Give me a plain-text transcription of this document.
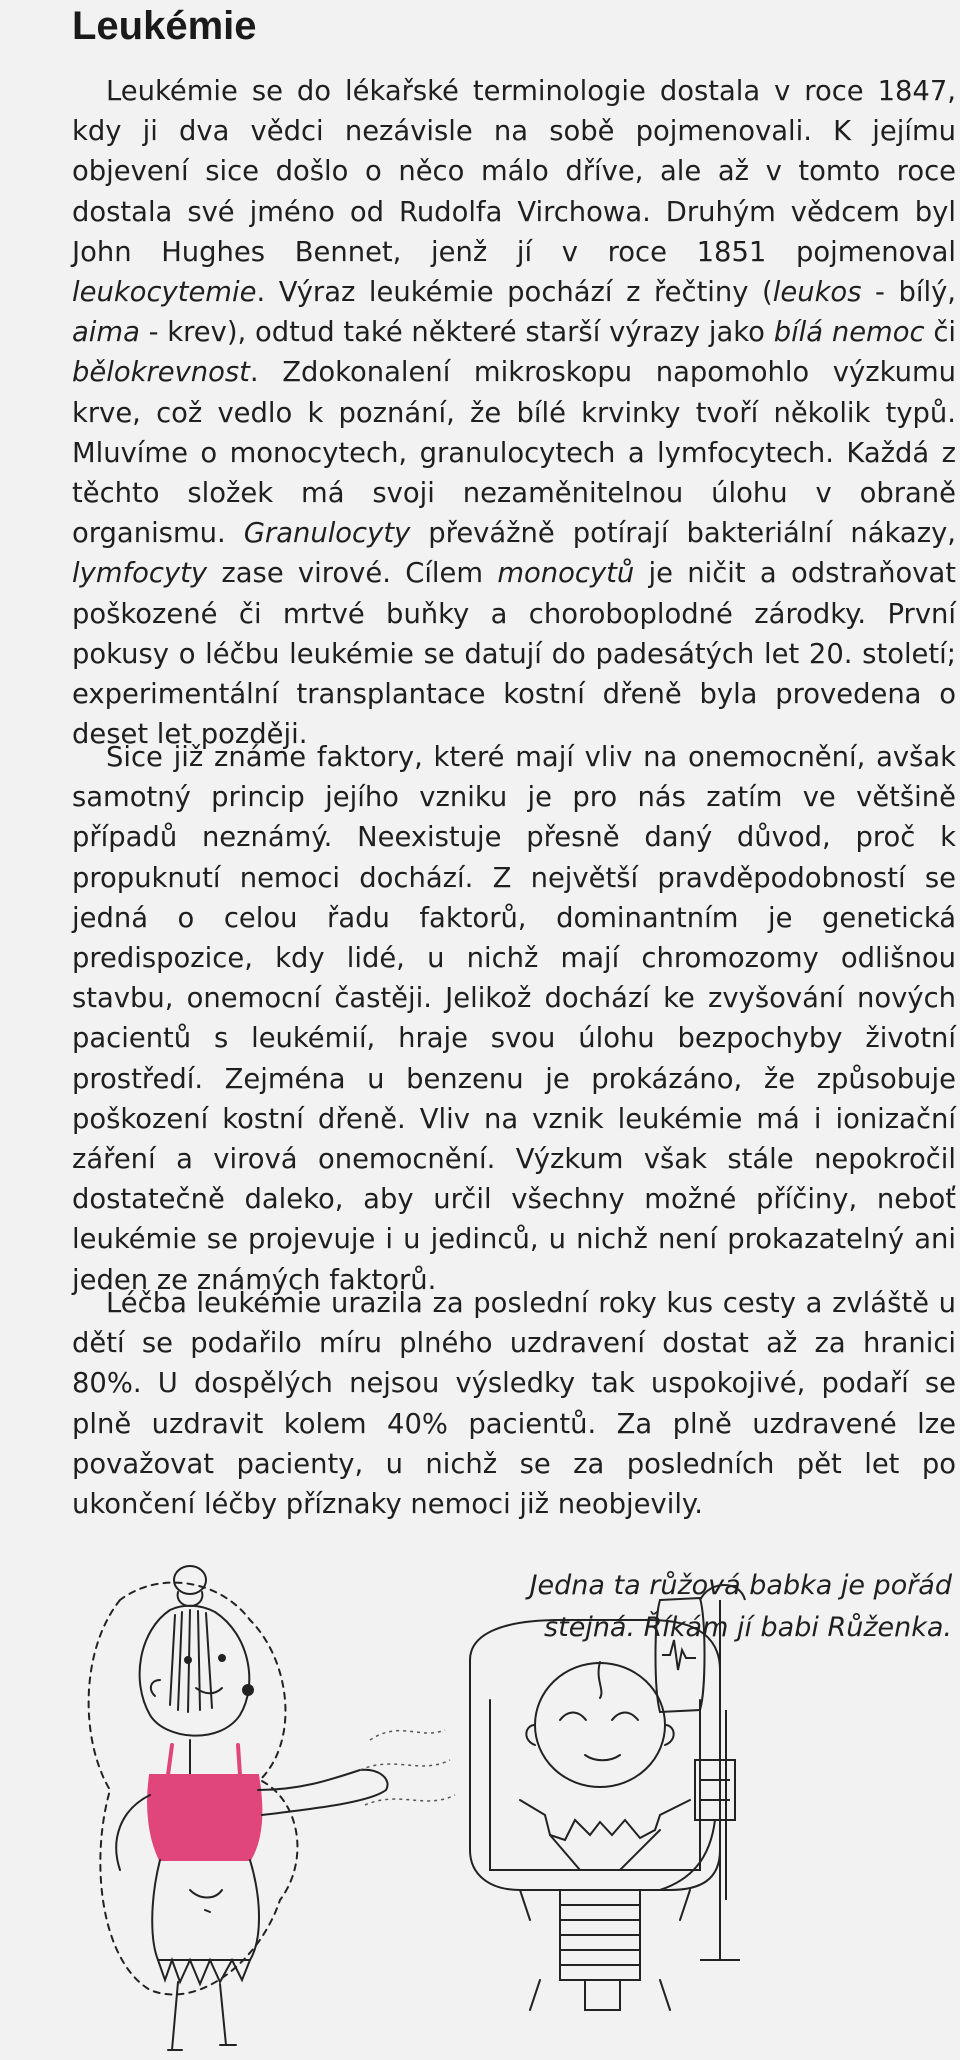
Leukémie

Leukémie se do lékařské terminologie dostala v roce 1847, kdy ji dva vědci nezávisle na sobě pojmenovali. K jejímu objevení sice došlo o něco málo dříve, ale až v tomto roce dostala své jméno od Rudolfa Virchowa. Druhým vědcem byl John Hughes Bennet, jenž jí v roce 1851 pojmenoval leukocytemie. Výraz leukémie pochází z řečtiny (leukos - bílý, aima - krev), odtud také některé starší výrazy jako bílá nemoc či bělokrevnost. Zdokonalení mikroskopu napomohlo výzkumu krve, což vedlo k poznání, že bílé krvinky tvoří několik typů. Mluvíme o monocytech, granulocytech a lymfocytech. Každá z těchto složek má svoji nezaměnitelnou úlohu v obraně organismu. Granulocyty převážně potírají bakteriální nákazy, lymfocyty zase virové. Cílem monocytů je ničit a odstraňovat poškozené či mrtvé buňky a choroboplodné zárodky. První pokusy o léčbu leukémie se datují do padesátých let 20. století; experimentální transplantace kostní dřeně byla provedena o deset let později.

Sice již známe faktory, které mají vliv na onemocnění, avšak samotný princip jejího vzniku je pro nás zatím ve většině případů neznámý. Neexistuje přesně daný důvod, proč k propuknutí nemoci dochází. Z největší pravděpodobností se jedná o celou řadu faktorů, dominantním je genetická predispozice, kdy lidé, u nichž mají chromozomy odlišnou stavbu, onemocní častěji. Jelikož dochází ke zvyšování nových pacientů s leukémií, hraje svou úlohu bezpochyby životní prostředí. Zejména u benzenu je prokázáno, že způsobuje poškození kostní dřeně. Vliv na vznik leukémie má i ionizační záření a virová onemocnění. Výzkum však stále nepokročil dostatečně daleko, aby určil všechny možné příčiny, neboť leukémie se projevuje i u jedinců, u nichž není prokazatelný ani jeden ze známých faktorů.

Léčba leukémie urazila za poslední roky kus cesty a zvláště u dětí se podařilo míru plného uzdravení dostat až za hranici 80%. U dospělých nejsou výsledky tak uspokojivé, podaří se plně uzdravit kolem 40% pacientů. Za plně uzdravené lze považovat pacienty, u nichž se za posledních pět let po ukončení léčby příznaky nemoci již neobjevily.

Jedna ta růžová babka je pořád
stejná. Říkám jí babi Růženka.
